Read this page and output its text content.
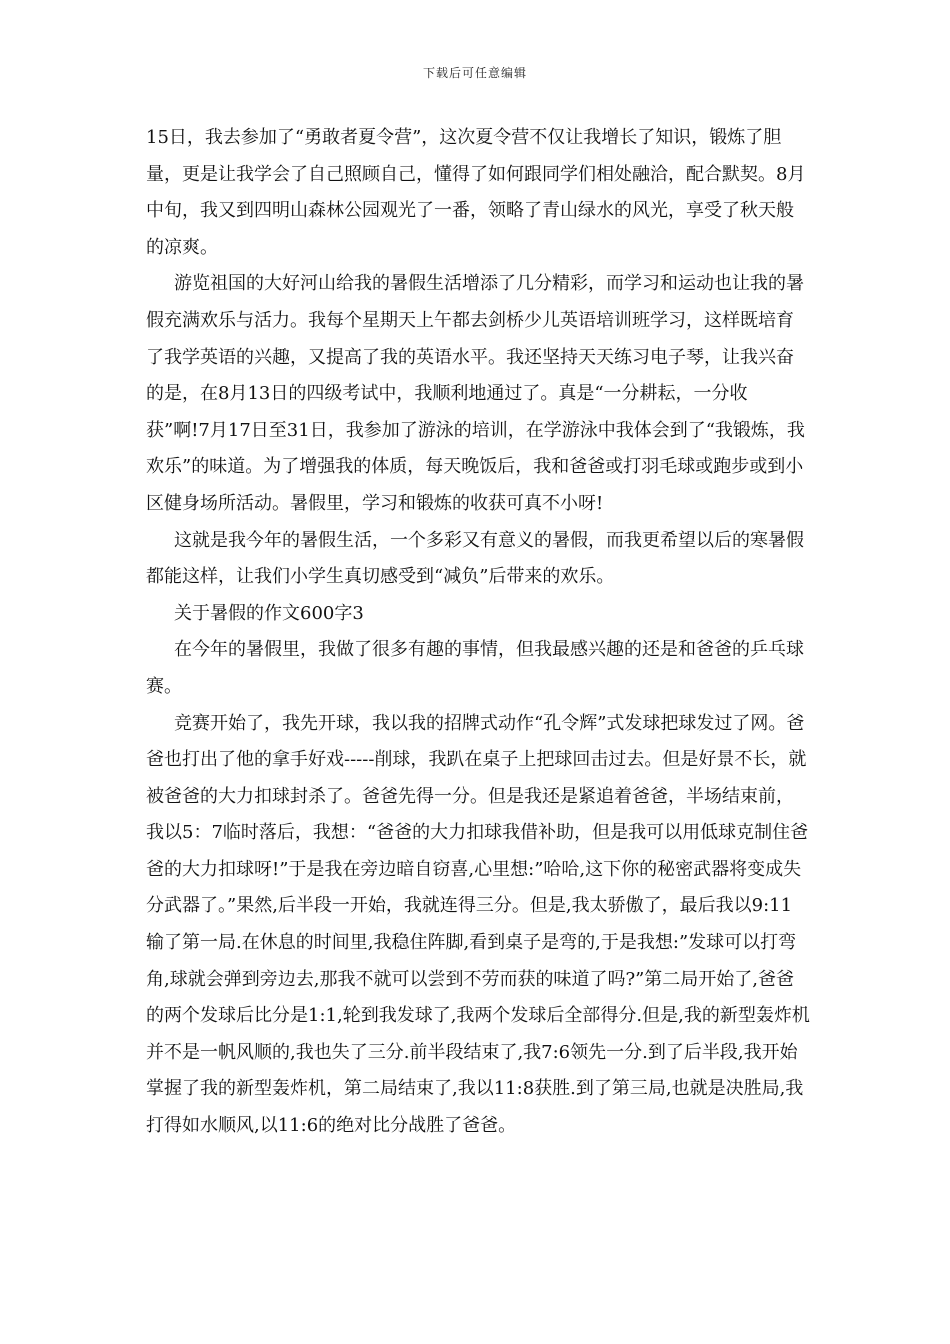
下载后可任意编辑

15日，我去参加了“勇敢者夏令营”，这次夏令营不仅让我增长了知识，锻炼了胆量，更是让我学会了自己照顾自己，懂得了如何跟同学们相处融洽，配合默契。8月中旬，我又到四明山森林公园观光了一番，领略了青山绿水的风光，享受了秋天般的凉爽。

游览祖国的大好河山给我的暑假生活增添了几分精彩，而学习和运动也让我的暑假充满欢乐与活力。我每个星期天上午都去剑桥少儿英语培训班学习，这样既培育了我学英语的兴趣，又提高了我的英语水平。我还坚持天天练习电子琴，让我兴奋的是，在8月13日的四级考试中，我顺利地通过了。真是“一分耕耘，一分收获”啊!7月17日至31日，我参加了游泳的培训，在学游泳中我体会到了“我锻炼，我欢乐”的味道。为了增强我的体质，每天晚饭后，我和爸爸或打羽毛球或跑步或到小区健身场所活动。暑假里，学习和锻炼的收获可真不小呀!

这就是我今年的暑假生活，一个多彩又有意义的暑假，而我更希望以后的寒暑假都能这样，让我们小学生真切感受到“减负”后带来的欢乐。

关于暑假的作文600字3

在今年的暑假里，我做了很多有趣的事情，但我最感兴趣的还是和爸爸的乒乓球赛。

竞赛开始了，我先开球，我以我的招牌式动作“孔令辉”式发球把球发过了网。爸爸也打出了他的拿手好戏-----削球，我趴在桌子上把球回击过去。但是好景不长，就被爸爸的大力扣球封杀了。爸爸先得一分。但是我还是紧追着爸爸，半场结束前，我以5：7临时落后，我想：“爸爸的大力扣球我借补助，但是我可以用低球克制住爸爸的大力扣球呀!”于是我在旁边暗自窃喜,心里想:”哈哈,这下你的秘密武器将变成失分武器了。”果然,后半段一开始，我就连得三分。但是,我太骄傲了，最后我以9:11输了第一局.在休息的时间里,我稳住阵脚,看到桌子是弯的,于是我想:”发球可以打弯角,球就会弹到旁边去,那我不就可以尝到不劳而获的味道了吗?”第二局开始了,爸爸的两个发球后比分是1:1,轮到我发球了,我两个发球后全部得分.但是,我的新型轰炸机并不是一帆风顺的,我也失了三分.前半段结束了,我7:6领先一分.到了后半段,我开始掌握了我的新型轰炸机，第二局结束了,我以11:8获胜.到了第三局,也就是决胜局,我打得如水顺风,以11:6的绝对比分战胜了爸爸。
